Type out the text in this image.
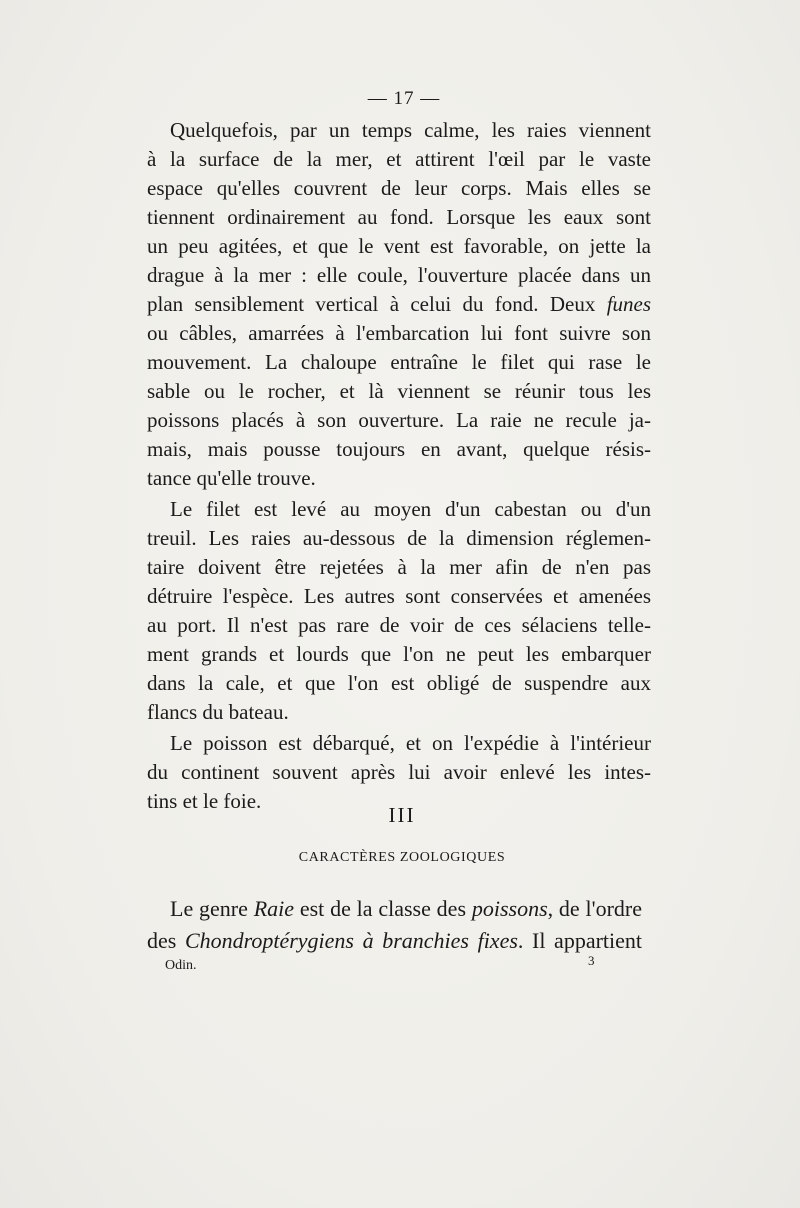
— 17 —
Quelquefois, par un temps calme, les raies viennent
à la surface de la mer, et attirent l'œil par le vaste
espace qu'elles couvrent de leur corps. Mais elles se
tiennent ordinairement au fond. Lorsque les eaux sont
un peu agitées, et que le vent est favorable, on jette la
drague à la mer : elle coule, l'ouverture placée dans un
plan sensiblement vertical à celui du fond. Deux funes
ou câbles, amarrées à l'embarcation lui font suivre son
mouvement. La chaloupe entraîne le filet qui rase le
sable ou le rocher, et là viennent se réunir tous les
poissons placés à son ouverture. La raie ne recule ja-
mais, mais pousse toujours en avant, quelque résis-
tance qu'elle trouve.
Le filet est levé au moyen d'un cabestan ou d'un
treuil. Les raies au-dessous de la dimension réglemen-
taire doivent être rejetées à la mer afin de n'en pas
détruire l'espèce. Les autres sont conservées et amenées
au port. Il n'est pas rare de voir de ces sélaciens telle-
ment grands et lourds que l'on ne peut les embarquer
dans la cale, et que l'on est obligé de suspendre aux
flancs du bateau.
Le poisson est débarqué, et on l'expédie à l'intérieur
du continent souvent après lui avoir enlevé les intes-
tins et le foie.
III
CARACTÈRES ZOOLOGIQUES
Le genre Raie est de la classe des poissons, de l'ordre
des Chondroptérygiens à branchies fixes. Il appartient
Odin.	3
